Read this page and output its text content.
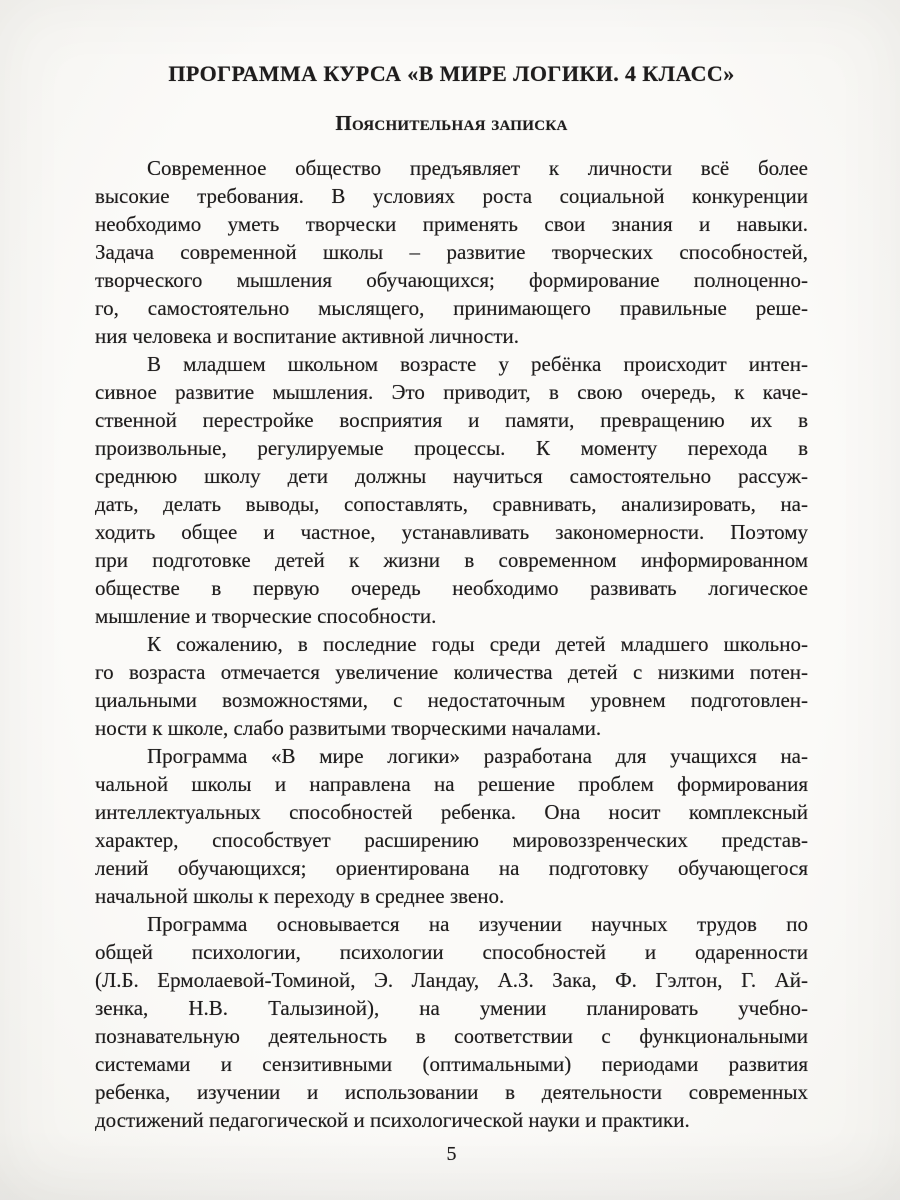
ПРОГРАММА КУРСА «В МИРЕ ЛОГИКИ. 4 КЛАСС»
Пояснительная записка
Современное общество предъявляет к личности всё более
высокие требования. В условиях роста социальной конкуренции
необходимо уметь творчески применять свои знания и навыки.
Задача современной школы – развитие творческих способностей,
творческого мышления обучающихся; формирование полноценно-
го, самостоятельно мыслящего, принимающего правильные реше-
ния человека и воспитание активной личности.
В младшем школьном возрасте у ребёнка происходит интен-
сивное развитие мышления. Это приводит, в свою очередь, к каче-
ственной перестройке восприятия и памяти, превращению их в
произвольные, регулируемые процессы. К моменту перехода в
среднюю школу дети должны научиться самостоятельно рассуж-
дать, делать выводы, сопоставлять, сравнивать, анализировать, на-
ходить общее и частное, устанавливать закономерности. Поэтому
при подготовке детей к жизни в современном информированном
обществе в первую очередь необходимо развивать логическое
мышление и творческие способности.
К сожалению, в последние годы среди детей младшего школьно-
го возраста отмечается увеличение количества детей с низкими потен-
циальными возможностями, с недостаточным уровнем подготовлен-
ности к школе, слабо развитыми творческими началами.
Программа «В мире логики» разработана для учащихся на-
чальной школы и направлена на решение проблем формирования
интеллектуальных способностей ребенка. Она носит комплексный
характер, способствует расширению мировоззренческих представ-
лений обучающихся; ориентирована на подготовку обучающегося
начальной школы к переходу в среднее звено.
Программа основывается на изучении научных трудов по
общей психологии, психологии способностей и одаренности
(Л.Б. Ермолаевой-Томиной, Э. Ландау, А.З. Зака, Ф. Гэлтон, Г. Ай-
зенка, Н.В. Талызиной), на умении планировать учебно-
познавательную деятельность в соответствии с функциональными
системами и сензитивными (оптимальными) периодами развития
ребенка, изучении и использовании в деятельности современных
достижений педагогической и психологической науки и практики.
5
